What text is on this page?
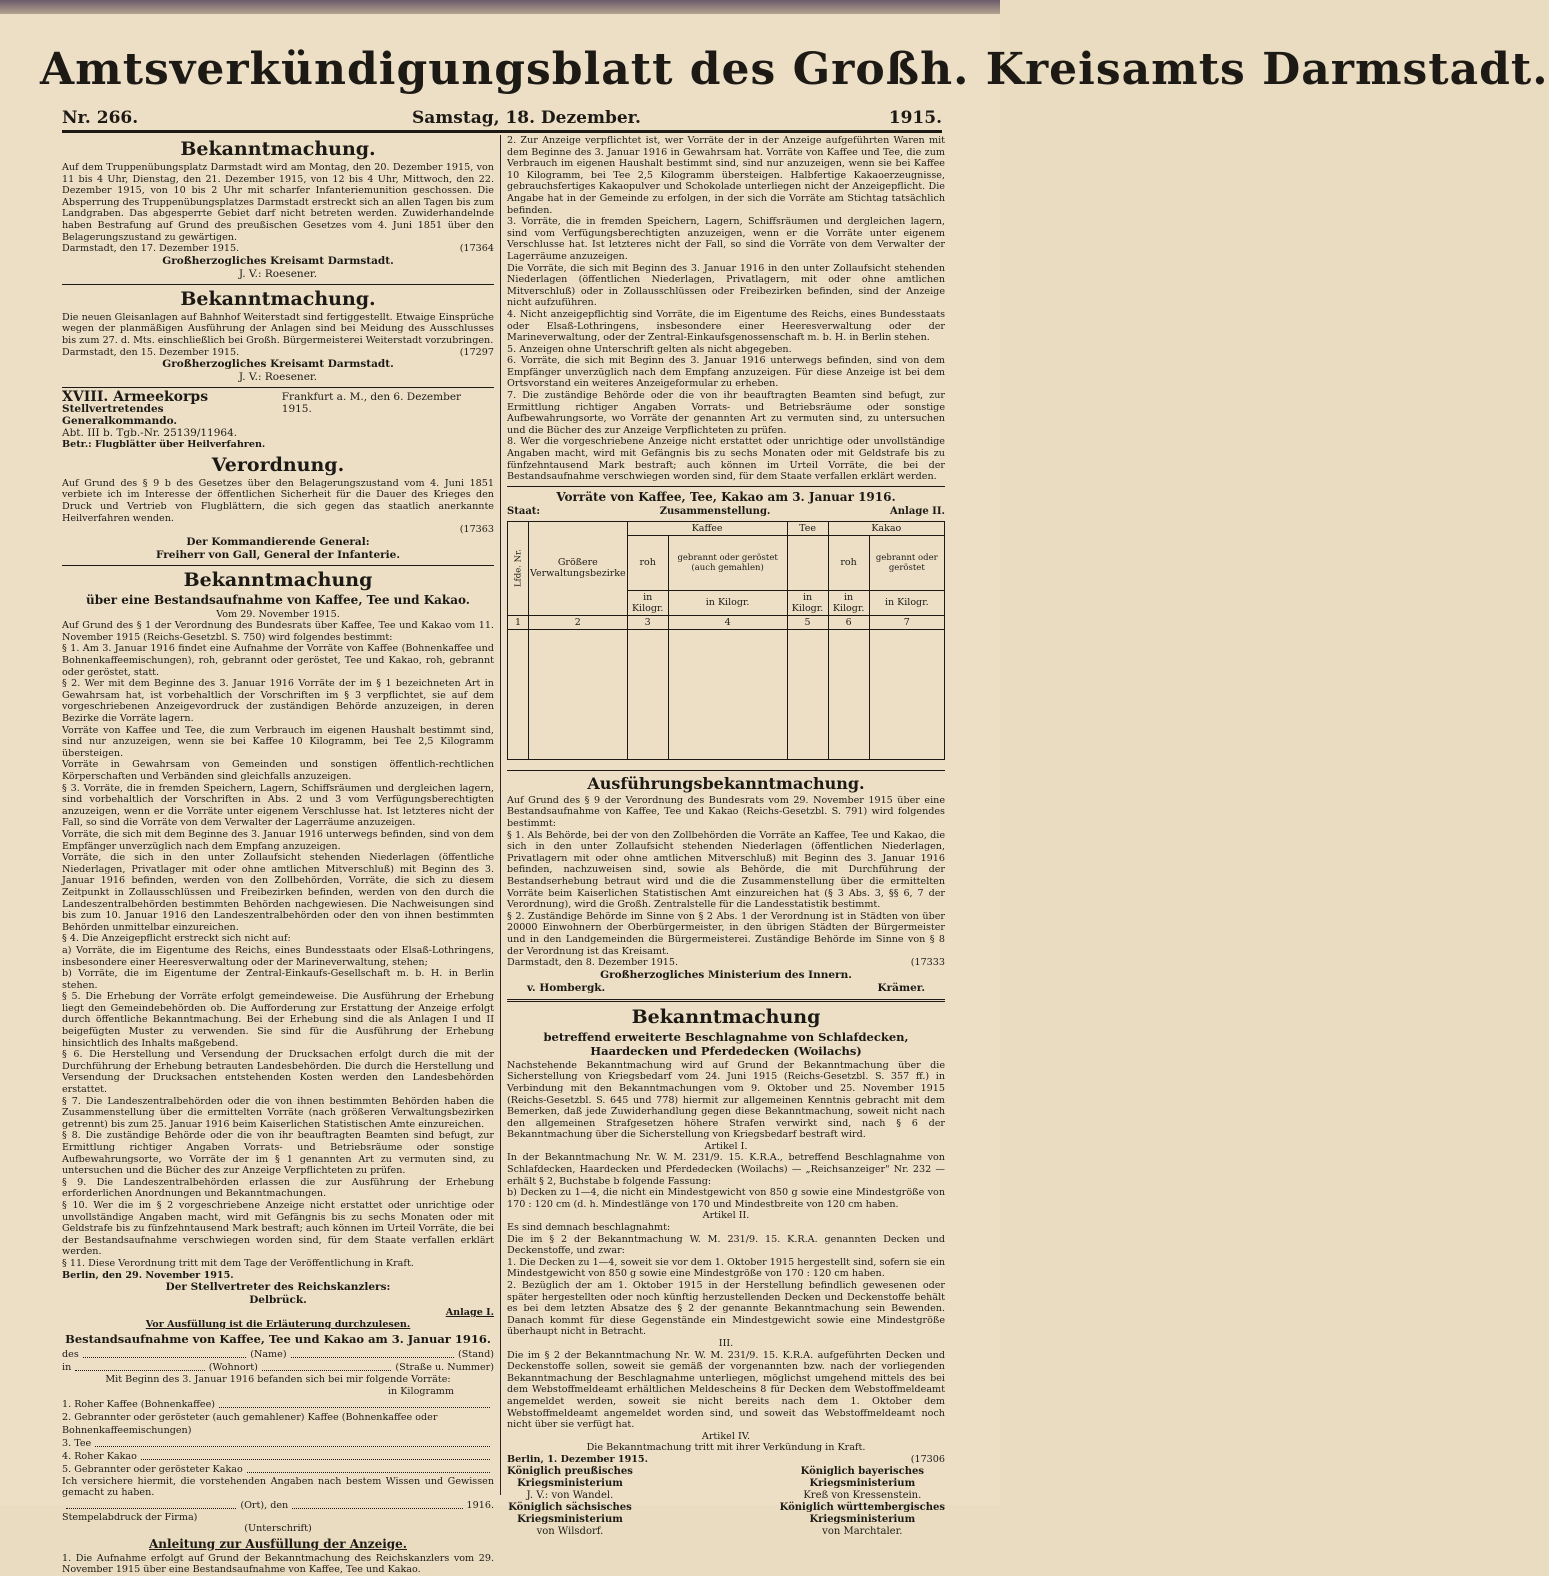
Amtsverkündigungsblatt des Großh. Kreisamts Darmstadt.
Nr. 266.	Samstag, 18. Dezember.	1915.
Bekanntmachung.

Auf dem Truppenübungsplatz Darmstadt wird am Montag, den 20. Dezember 1915, von 11 bis 4 Uhr, Dienstag, den 21. Dezember 1915, von 12 bis 4 Uhr, Mittwoch, den 22. Dezember 1915, von 10 bis 2 Uhr mit scharfer Infanteriemunition geschossen. Die Absperrung des Truppenübungsplatzes Darmstadt erstreckt sich an allen Tagen bis zum Landgraben. Das abgesperrte Gebiet darf nicht betreten werden. Zuwiderhandelnde haben Bestrafung auf Grund des preußischen Gesetzes vom 4. Juni 1851 über den Belagerungszustand zu gewärtigen.

Darmstadt, den 17. Dezember 1915.	(17364

Großherzogliches Kreisamt Darmstadt.
J. V.: Roesener.
Bekanntmachung.

Die neuen Gleisanlagen auf Bahnhof Weiterstadt sind fertiggestellt. Etwaige Einsprüche wegen der planmäßigen Ausführung der Anlagen sind bei Meidung des Ausschlusses bis zum 27. d. Mts. einschließlich bei Großh. Bürgermeisterei Weiterstadt vorzubringen.

Darmstadt, den 15. Dezember 1915.	(17297

Großherzogliches Kreisamt Darmstadt.
J. V.: Roesener.
XVIII. Armeekorps
Stellvertretendes Generalkommando.
Abt. III b. Tgb.-Nr. 25139/11964.
Frankfurt a. M., den 6. Dezember 1915.

Betr.: Flugblätter über Heilverfahren.

Verordnung.

Auf Grund des § 9 b des Gesetzes über den Belagerungszustand vom 4. Juni 1851 verbiete ich im Interesse der öffentlichen Sicherheit für die Dauer des Krieges den Druck und Vertrieb von Flugblättern, die sich gegen das staatlich anerkannte Heilverfahren wenden.

(17363

Der Kommandierende General:
Freiherr von Gall, General der Infanterie.
Bekanntmachung
über eine Bestandsaufnahme von Kaffee, Tee und Kakao.

Vom 29. November 1915.

Auf Grund des § 1 der Verordnung des Bundesrats über Kaffee, Tee und Kakao vom 11. November 1915 (Reichs-Gesetzbl. S. 750) wird folgendes bestimmt:

§ 1. Am 3. Januar 1916 findet eine Aufnahme der Vorräte von Kaffee (Bohnenkaffee und Bohnenkaffeemischungen), roh, gebrannt oder geröstet, Tee und Kakao, roh, gebrannt oder geröstet, statt.

§ 2. Wer mit dem Beginne des 3. Januar 1916 Vorräte der im § 1 bezeichneten Art in Gewahrsam hat, ist vorbehaltlich der Vorschriften im § 3 verpflichtet, sie auf dem vorgeschriebenen Anzeigevordruck der zuständigen Behörde anzuzeigen, in deren Bezirke die Vorräte lagern.

Vorräte von Kaffee und Tee, die zum Verbrauch im eigenen Haushalt bestimmt sind, sind nur anzuzeigen, wenn sie bei Kaffee 10 Kilogramm, bei Tee 2,5 Kilogramm übersteigen.

Vorräte in Gewahrsam von Gemeinden und sonstigen öffentlich-rechtlichen Körperschaften und Verbänden sind gleichfalls anzuzeigen.

§ 3. Vorräte, die in fremden Speichern, Lagern, Schiffsräumen und dergleichen lagern, sind vorbehaltlich der Vorschriften in Abs. 2 und 3 vom Verfügungsberechtigten anzuzeigen, wenn er die Vorräte unter eigenem Verschlusse hat. Ist letzteres nicht der Fall, so sind die Vorräte von dem Verwalter der Lagerräume anzuzeigen.

Vorräte, die sich mit dem Beginne des 3. Januar 1916 unterwegs befinden, sind von dem Empfänger unverzüglich nach dem Empfang anzuzeigen.

Vorräte, die sich in den unter Zollaufsicht stehenden Niederlagen (öffentliche Niederlagen, Privatlager mit oder ohne amtlichen Mitverschluß) mit Beginn des 3. Januar 1916 befinden, werden von den Zollbehörden, Vorräte, die sich zu diesem Zeitpunkt in Zollausschlüssen und Freibezirken befinden, werden von den durch die Landeszentralbehörden bestimmten Behörden nachgewiesen. Die Nachweisungen sind bis zum 10. Januar 1916 den Landeszentralbehörden oder den von ihnen bestimmten Behörden unmittelbar einzureichen.

§ 4. Die Anzeigepflicht erstreckt sich nicht auf:

a) Vorräte, die im Eigentume des Reichs, eines Bundesstaats oder Elsaß-Lothringens, insbesondere einer Heeresverwaltung oder der Marineverwaltung, stehen;

b) Vorräte, die im Eigentume der Zentral-Einkaufs-Gesellschaft m. b. H. in Berlin stehen.

§ 5. Die Erhebung der Vorräte erfolgt gemeindeweise. Die Ausführung der Erhebung liegt den Gemeindebehörden ob. Die Aufforderung zur Erstattung der Anzeige erfolgt durch öffentliche Bekanntmachung. Bei der Erhebung sind die als Anlagen I und II beigefügten Muster zu verwenden. Sie sind für die Ausführung der Erhebung hinsichtlich des Inhalts maßgebend.

§ 6. Die Herstellung und Versendung der Drucksachen erfolgt durch die mit der Durchführung der Erhebung betrauten Landesbehörden. Die durch die Herstellung und Versendung der Drucksachen entstehenden Kosten werden den Landesbehörden erstattet.

§ 7. Die Landeszentralbehörden oder die von ihnen bestimmten Behörden haben die Zusammenstellung über die ermittelten Vorräte (nach größeren Verwaltungsbezirken getrennt) bis zum 25. Januar 1916 beim Kaiserlichen Statistischen Amte einzureichen.

§ 8. Die zuständige Behörde oder die von ihr beauftragten Beamten sind befugt, zur Ermittlung richtiger Angaben Vorrats- und Betriebsräume oder sonstige Aufbewahrungsorte, wo Vorräte der im § 1 genannten Art zu vermuten sind, zu untersuchen und die Bücher des zur Anzeige Verpflichteten zu prüfen.

§ 9. Die Landeszentralbehörden erlassen die zur Ausführung der Erhebung erforderlichen Anordnungen und Bekanntmachungen.

§ 10. Wer die im § 2 vorgeschriebene Anzeige nicht erstattet oder unrichtige oder unvollständige Angaben macht, wird mit Gefängnis bis zu sechs Monaten oder mit Geldstrafe bis zu fünfzehntausend Mark bestraft; auch können im Urteil Vorräte, die bei der Bestandsaufnahme verschwiegen worden sind, für dem Staate verfallen erklärt werden.

§ 11. Diese Verordnung tritt mit dem Tage der Veröffentlichung in Kraft.

Berlin, den 29. November 1915.

Der Stellvertreter des Reichskanzlers:
Delbrück.

Anlage I.

Vor Ausfüllung ist die Erläuterung durchzulesen.

Bestandsaufnahme von Kaffee, Tee und Kakao am 3. Januar 1916.
des	(Name)	(Stand)
in	(Wohnort)	(Straße u. Nummer)

Mit Beginn des 3. Januar 1916 befanden sich bei mir folgende Vorräte:

in Kilogramm

1. Roher Kaffee (Bohnenkaffee)
2. Gebrannter oder gerösteter (auch gemahlener) Kaffee (Bohnenkaffee oder Bohnenkaffeemischungen)
3. Tee
4. Roher Kakao
5. Gebrannter oder gerösteter Kakao

Ich versichere hiermit, die vorstehenden Angaben nach bestem Wissen und Gewissen gemacht zu haben.

(Ort), den	1916.

Stempelabdruck der Firma)

(Unterschrift)

Anleitung zur Ausfüllung der Anzeige.

1. Die Aufnahme erfolgt auf Grund der Bekanntmachung des Reichskanzlers vom 29. November 1915 über eine Bestandsaufnahme von Kaffee, Tee und Kakao.

2. Zur Anzeige verpflichtet ist, wer Vorräte der in der Anzeige aufgeführten Waren mit dem Beginne des 3. Januar 1916 in Gewahrsam hat. Vorräte von Kaffee und Tee, die zum Verbrauch im eigenen Haushalt bestimmt sind, sind nur anzuzeigen, wenn sie bei Kaffee 10 Kilogramm, bei Tee 2,5 Kilogramm übersteigen. Halbfertige Kakaoerzeugnisse, gebrauchsfertiges Kakaopulver und Schokolade unterliegen nicht der Anzeigepflicht. Die Angabe hat in der Gemeinde zu erfolgen, in der sich die Vorräte am Stichtag tatsächlich befinden.

3. Vorräte, die in fremden Speichern, Lagern, Schiffsräumen und dergleichen lagern, sind vom Verfügungsberechtigten anzuzeigen, wenn er die Vorräte unter eigenem Verschlusse hat. Ist letzteres nicht der Fall, so sind die Vorräte von dem Verwalter der Lagerräume anzuzeigen.

Die Vorräte, die sich mit Beginn des 3. Januar 1916 in den unter Zollaufsicht stehenden Niederlagen (öffentlichen Niederlagen, Privatlagern, mit oder ohne amtlichen Mitverschluß) oder in Zollausschlüssen oder Freibezirken befinden, sind der Anzeige nicht aufzuführen.

4. Nicht anzeigepflichtig sind Vorräte, die im Eigentume des Reichs, eines Bundesstaats oder Elsaß-Lothringens, insbesondere einer Heeresverwaltung oder der Marineverwaltung, oder der Zentral-Einkaufsgenossenschaft m. b. H. in Berlin stehen.

5. Anzeigen ohne Unterschrift gelten als nicht abgegeben.

6. Vorräte, die sich mit Beginn des 3. Januar 1916 unterwegs befinden, sind von dem Empfänger unverzüglich nach dem Empfang anzuzeigen. Für diese Anzeige ist bei dem Ortsvorstand ein weiteres Anzeigeformular zu erheben.

7. Die zuständige Behörde oder die von ihr beauftragten Beamten sind befugt, zur Ermittlung richtiger Angaben Vorrats- und Betriebsräume oder sonstige Aufbewahrungsorte, wo Vorräte der genannten Art zu vermuten sind, zu untersuchen und die Bücher des zur Anzeige Verpflichteten zu prüfen.

8. Wer die vorgeschriebene Anzeige nicht erstattet oder unrichtige oder unvollständige Angaben macht, wird mit Gefängnis bis zu sechs Monaten oder mit Geldstrafe bis zu fünfzehntausend Mark bestraft; auch können im Urteil Vorräte, die bei der Bestandsaufnahme verschwiegen worden sind, für dem Staate verfallen erklärt werden.

Vorräte von Kaffee, Tee, Kakao am 3. Januar 1916.
Staat:	Zusammenstellung.	Anlage II.
Lfde. Nr.	Größere Verwaltungsbezirke	Kaffee		Tee	Kakao	
		roh	gebrannt oder geröstet (auch gemahlen)		roh	gebrannt oder geröstet
		in Kilogr.	in Kilogr.	in Kilogr.	in Kilogr.	in Kilogr.
1	2	3	4	5	6	7

Ausführungsbekanntmachung.

Auf Grund des § 9 der Verordnung des Bundesrats vom 29. November 1915 über eine Bestandsaufnahme von Kaffee, Tee und Kakao (Reichs-Gesetzbl. S. 791) wird folgendes bestimmt:

§ 1. Als Behörde, bei der von den Zollbehörden die Vorräte an Kaffee, Tee und Kakao, die sich in den unter Zollaufsicht stehenden Niederlagen (öffentlichen Niederlagen, Privatlagern mit oder ohne amtlichen Mitverschluß) mit Beginn des 3. Januar 1916 befinden, nachzuweisen sind, sowie als Behörde, die mit Durchführung der Bestandserhebung betraut wird und die die Zusammenstellung über die ermittelten Vorräte beim Kaiserlichen Statistischen Amt einzureichen hat (§ 3 Abs. 3, §§ 6, 7 der Verordnung), wird die Großh. Zentralstelle für die Landesstatistik bestimmt.

§ 2. Zuständige Behörde im Sinne von § 2 Abs. 1 der Verordnung ist in Städten von über 20000 Einwohnern der Oberbürgermeister, in den übrigen Städten der Bürgermeister und in den Landgemeinden die Bürgermeisterei. Zuständige Behörde im Sinne von § 8 der Verordnung ist das Kreisamt.

Darmstadt, den 8. Dezember 1915.	(17333

Großherzogliches Ministerium des Innern.
v. Hombergk.	Krämer.
Bekanntmachung
betreffend erweiterte Beschlagnahme von Schlafdecken, Haardecken und Pferdedecken (Woilachs)

Nachstehende Bekanntmachung wird auf Grund der Bekanntmachung über die Sicherstellung von Kriegsbedarf vom 24. Juni 1915 (Reichs-Gesetzbl. S. 357 ff.) in Verbindung mit den Bekanntmachungen vom 9. Oktober und 25. November 1915 (Reichs-Gesetzbl. S. 645 und 778) hiermit zur allgemeinen Kenntnis gebracht mit dem Bemerken, daß jede Zuwiderhandlung gegen diese Bekanntmachung, soweit nicht nach den allgemeinen Strafgesetzen höhere Strafen verwirkt sind, nach § 6 der Bekanntmachung über die Sicherstellung von Kriegsbedarf bestraft wird.

Artikel I.

In der Bekanntmachung Nr. W. M. 231/9. 15. K.R.A., betreffend Beschlagnahme von Schlafdecken, Haardecken und Pferdedecken (Woilachs) — „Reichsanzeiger" Nr. 232 — erhält § 2, Buchstabe b folgende Fassung:

b) Decken zu 1—4, die nicht ein Mindestgewicht von 850 g sowie eine Mindestgröße von 170 : 120 cm (d. h. Mindestlänge von 170 und Mindestbreite von 120 cm haben.

Artikel II.

Es sind demnach beschlagnahmt:

Die im § 2 der Bekanntmachung W. M. 231/9. 15. K.R.A. genannten Decken und Deckenstoffe, und zwar:

1. Die Decken zu 1—4, soweit sie vor dem 1. Oktober 1915 hergestellt sind, sofern sie ein Mindestgewicht von 850 g sowie eine Mindestgröße von 170 : 120 cm haben.

2. Bezüglich der am 1. Oktober 1915 in der Herstellung befindlich gewesenen oder später hergestellten oder noch künftig herzustellenden Decken und Deckenstoffe behält es bei dem letzten Absatze des § 2 der genannte Bekanntmachung sein Bewenden. Danach kommt für diese Gegenstände ein Mindestgewicht sowie eine Mindestgröße überhaupt nicht in Betracht.

III.

Die im § 2 der Bekanntmachung Nr. W. M. 231/9. 15. K.R.A. aufgeführten Decken und Deckenstoffe sollen, soweit sie gemäß der vorgenannten bzw. nach der vorliegenden Bekanntmachung der Beschlagnahme unterliegen, möglichst umgehend mittels des bei dem Webstoffmeldeamt erhältlichen Meldescheins 8 für Decken dem Webstoffmeldeamt angemeldet werden, soweit sie nicht bereits nach dem 1. Oktober dem Webstoffmeldeamt angemeldet worden sind, und soweit das Webstoffmeldeamt noch nicht über sie verfügt hat.

Artikel IV.

Die Bekanntmachung tritt mit ihrer Verkündung in Kraft.

Berlin, 1. Dezember 1915.	(17306

Königlich preußisches
Kriegsministerium
J. V.: von Wandel.
Königlich sächsisches
Kriegsministerium
von Wilsdorf.
Königlich bayerisches
Kriegsministerium
Kreß von Kressenstein.
Königlich württembergisches
Kriegsministerium
von Marchtaler.
